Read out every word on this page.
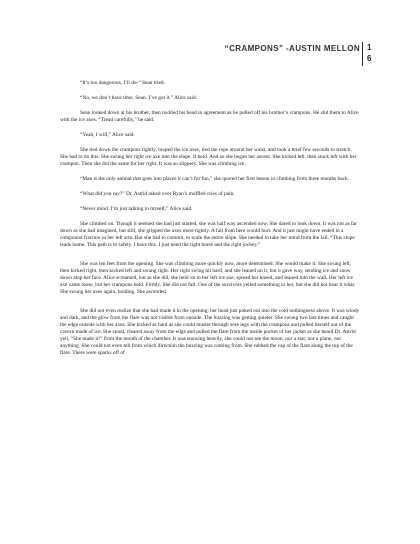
“CRAMPONS” -AUSTIN MELLON 1
6

“It’s too dangerous, I’ll do-” Sean tried.

“No, we don’t have time, Sean. I’ve got it.” Alice said.

Sean looked down at his brother, then nodded his head in agreement as he pulled off his brother’s crampons. He slid them to Alice with the ice axes. “Tread carefully,” he said.

“Yeah, I will,” Alice said.

She tied down the crampons tightly, looped the ice axes, tied the rope around her waist, and took a brief few seconds to stretch. She had to do this. She swung her right ice axe into the slope. It held. And so she began her ascent. She kicked left, then stuck left with her crampon. Then she did the same for her right. It was so slippery. She was climbing ice.

“Man is the only animal that goes into places it can’t for fun,” she quoted her first lesson in climbing from three months back.

“What did you say?” Dr. Astrid asked over Ryan’s muffled cries of pain.

“Never mind. I’m just talking to myself,” Alice said.

She climbed on. Though it seemed she had just started, she was half way ascended now. She dared to look down. It was not as far down as she had imagined, but still, she gripped the axes more tightly. A fall from here would hurt. And it just might have ended in a compound fracture in her left arm. But she had to commit, to scale the entire slope. She needed to take her mind from the fall. “This slope leads home. This path is to safety. I have this. I just need the right horse and the right jockey.”

She was ten feet from the opening. She was climbing more quickly now, more determined. She would make it. She swung left, then kicked right, then kicked left and swung right. Her right swing hit hard, and she leaned on it, but it gave way, sending ice and snow down atop her face. Alice screamed, but as she did, she held on to her left ice axe, spread her kneed, and leaned into the wall. Her left ice axe came loose, but her crampons held. Firmly. She did not fall. One of the survivors yelled something to her, but she did not hear it what. She swung her axes again, holding. She ascended.

She did not even realize that she had made it to the opening; her head just poked out into the cold nothingness above. It was windy and dark, and the glow from the flare was not visible from outside. The buzzing was getting quieter. She swung two last times and caught the edge outside with her axes. She kicked as hard as she could muster through sore legs with the crampons and pulled herself out of the cavern made of ice. She stood, cleared away from the edge and pulled the flare from the inside pocket of her jacket as she heard Dr. Astrid yell, “She made it!” from the mouth of the chamber. It was snowing heavily, she could not see the moon, nor a star, nor a plane, nor anything. She could not even tell from which direction the buzzing was coming from. She rubbed the cap of the flare along the top of the flare. There were sparks off of
